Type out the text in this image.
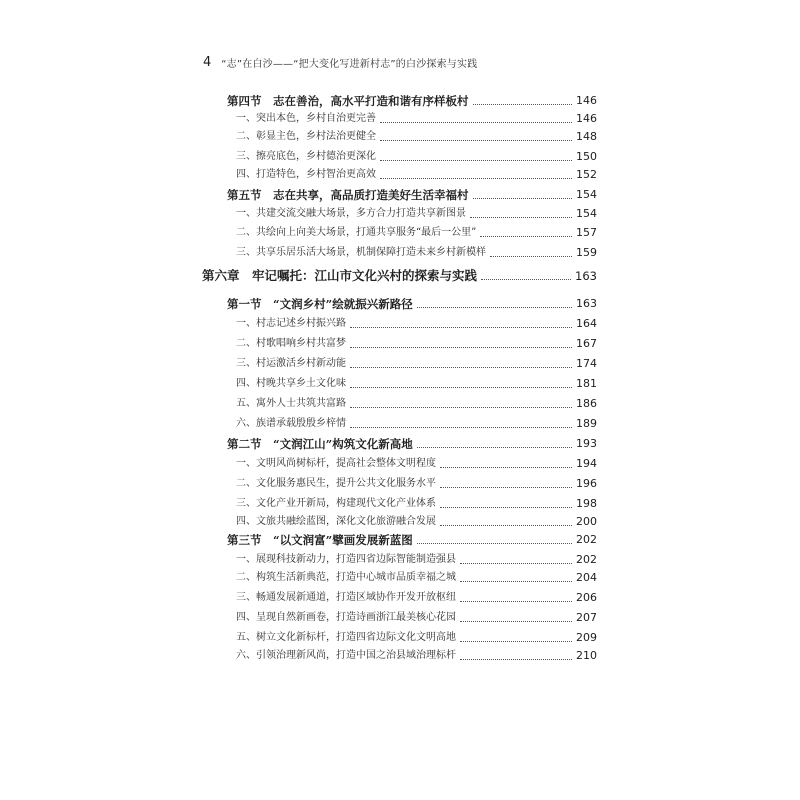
4 “志”在白沙——“把大变化写进新村志”的白沙探索与实践
第四节　志在善治，高水平打造和谐有序样板村	146
一、突出本色，乡村自治更完善	146
二、彰显主色，乡村法治更健全	148
三、擦亮底色，乡村德治更深化	150
四、打造特色，乡村智治更高效	152
第五节　志在共享，高品质打造美好生活幸福村	154
一、共建交流交融大场景，多方合力打造共享新图景	154
二、共绘向上向美大场景，打通共享服务“最后一公里”	157
三、共享乐居乐活大场景，机制保障打造未来乡村新模样	159
第六章　牢记嘱托：江山市文化兴村的探索与实践	163
第一节　“文润乡村”绘就振兴新路径	163
一、村志记述乡村振兴路	164
二、村歌唱响乡村共富梦	167
三、村运激活乡村新动能	174
四、村晚共享乡土文化味	181
五、寓外人士共筑共富路	186
六、族谱承载殷殷乡梓情	189
第二节　“文润江山”构筑文化新高地	193
一、文明风尚树标杆，提高社会整体文明程度	194
二、文化服务惠民生，提升公共文化服务水平	196
三、文化产业开新局，构建现代文化产业体系	198
四、文旅共融绘蓝图，深化文化旅游融合发展	200
第三节　“以文润富”擘画发展新蓝图	202
一、展现科技新动力，打造四省边际智能制造强县	202
二、构筑生活新典范，打造中心城市品质幸福之城	204
三、畅通发展新通道，打造区域协作开发开放枢纽	206
四、呈现自然新画卷，打造诗画浙江最美核心花园	207
五、树立文化新标杆，打造四省边际文化文明高地	209
六、引领治理新风尚，打造中国之治县域治理标杆	210
